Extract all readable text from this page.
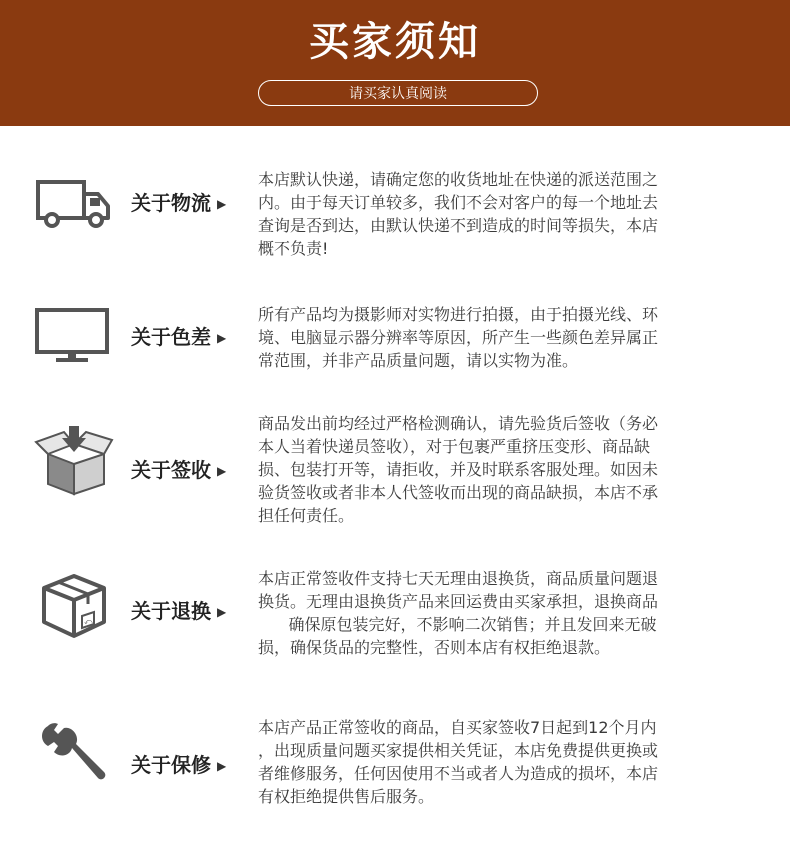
买家须知
请买家认真阅读
关于物流 ▶
本店默认快递，请确定您的收货地址在快递的派送范围之
内。由于每天订单较多，我们不会对客户的每一个地址去
查询是否到达，由默认快递不到造成的时间等损失，本店
概不负责!
关于色差 ▶
所有产品均为摄影师对实物进行拍摄，由于拍摄光线、环
境、电脑显示器分辨率等原因，所产生一些颜色差异属正
常范围，并非产品质量问题，请以实物为准。
关于签收 ▶
商品发出前均经过严格检测确认，请先验货后签收（务必
本人当着快递员签收），对于包裹严重挤压变形、商品缺
损、包装打开等，请拒收，并及时联系客服处理。如因未
验货签收或者非本人代签收而出现的商品缺损，本店不承
担任何责任。
⤺ 关于退换 ▶
本店正常签收件支持七天无理由退换货，商品质量问题退
换货。无理由退换货产品来回运费由买家承担，退换商品
确保原包装完好，不影响二次销售；并且发回来无破
损，确保货品的完整性，否则本店有权拒绝退款。
关于保修 ▶
本店产品正常签收的商品，自买家签收7日起到12个月内
，出现质量问题买家提供相关凭证，本店免费提供更换或
者维修服务，任何因使用不当或者人为造成的损坏，本店
有权拒绝提供售后服务。
